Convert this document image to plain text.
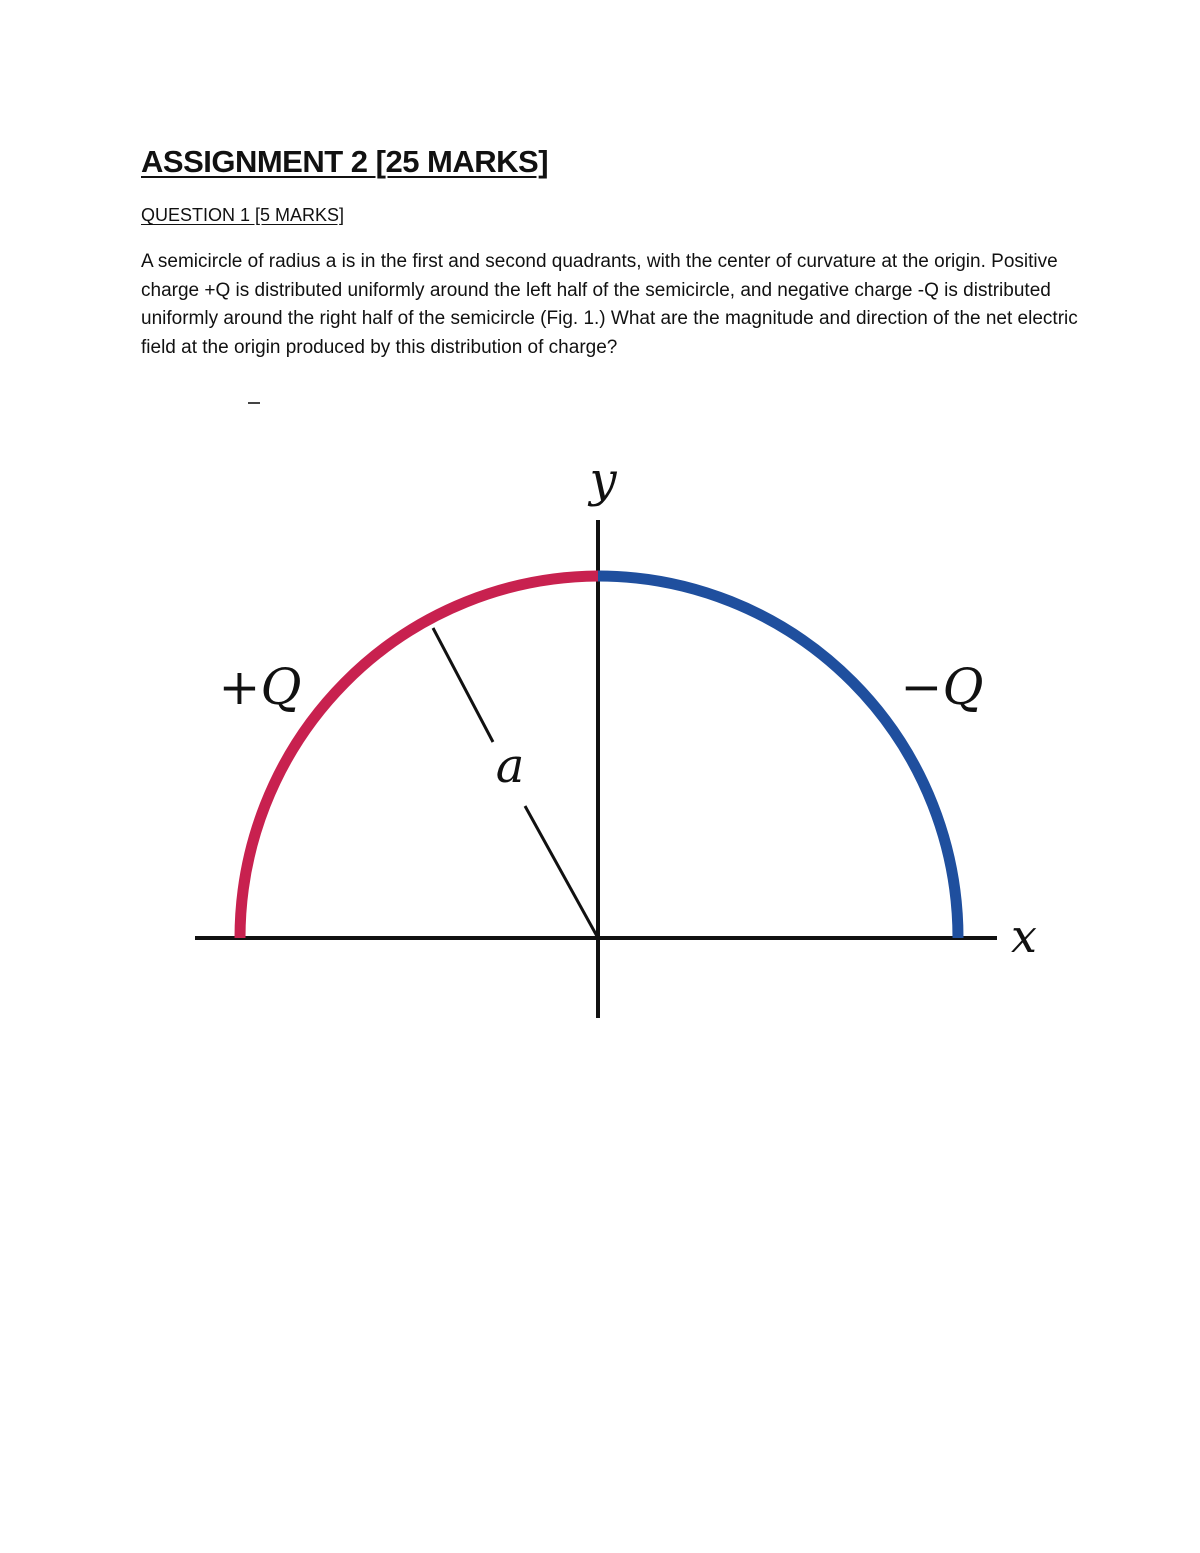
ASSIGNMENT 2 [25 MARKS]
QUESTION 1 [5 MARKS]

A semicircle of radius a is in the first and second quadrants, with the center of curvature at the origin. Positive charge +Q is distributed uniformly around the left half of the semicircle, and negative charge -Q is distributed uniformly around the right half of the semicircle (Fig. 1.) What are the magnitude and direction of the net electric field at the origin produced by this distribution of charge?

y
x
a
+Q	−Q
